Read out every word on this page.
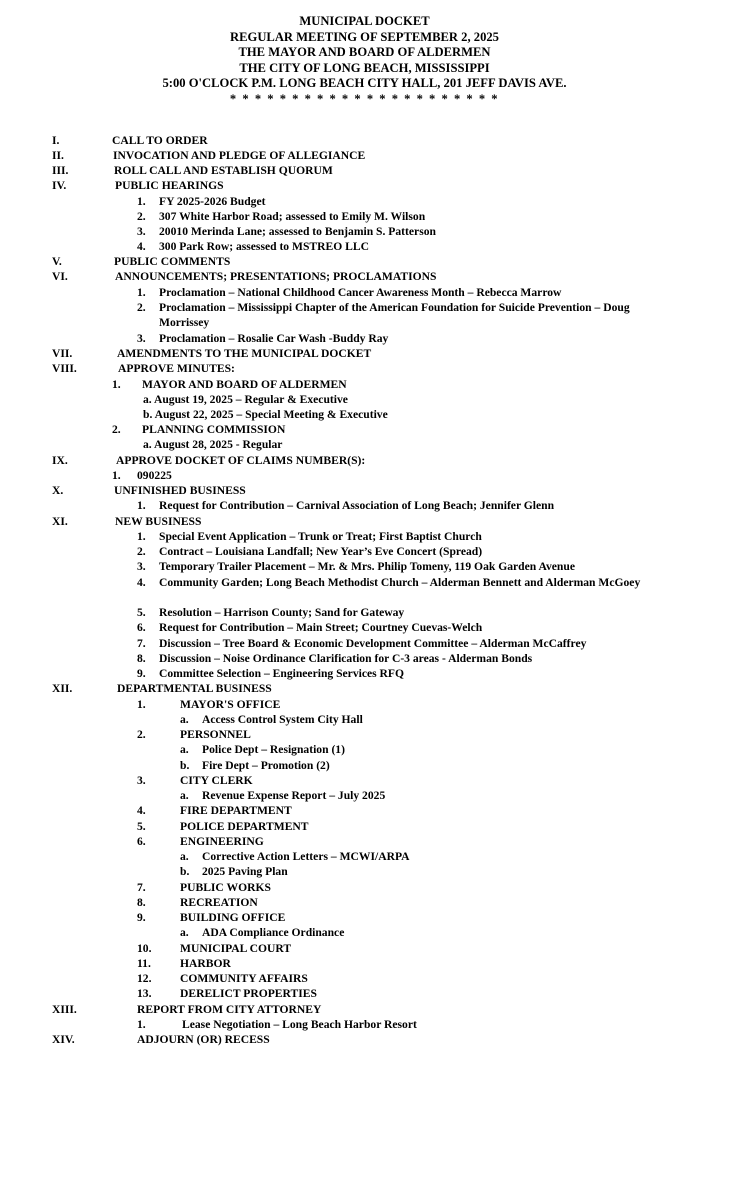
MUNICIPAL DOCKET
REGULAR MEETING OF SEPTEMBER 2, 2025
THE MAYOR AND BOARD OF ALDERMEN
THE CITY OF LONG BEACH, MISSISSIPPI
5:00 O'CLOCK P.M. LONG BEACH CITY HALL, 201 JEFF DAVIS AVE.
* * * * * * * * * * * * * * * * * * * * * *
I.	CALL TO ORDER
II.	INVOCATION AND PLEDGE OF ALLEGIANCE
III.	ROLL CALL AND ESTABLISH QUORUM
IV.	PUBLIC HEARINGS
1. FY 2025-2026 Budget
2. 307 White Harbor Road; assessed to Emily M. Wilson
3. 20010 Merinda Lane; assessed to Benjamin S. Patterson
4. 300 Park Row; assessed to MSTREO LLC
V.	PUBLIC COMMENTS
VI.	ANNOUNCEMENTS; PRESENTATIONS; PROCLAMATIONS
1. Proclamation – National Childhood Cancer Awareness Month – Rebecca Marrow
2. Proclamation – Mississippi Chapter of the American Foundation for Suicide Prevention – Doug Morrissey
3. Proclamation – Rosalie Car Wash -Buddy Ray
VII.	AMENDMENTS TO THE MUNICIPAL DOCKET
VIII.	APPROVE MINUTES:
1. MAYOR AND BOARD OF ALDERMEN
a. August 19, 2025 – Regular & Executive
b. August 22, 2025 – Special Meeting & Executive
2. PLANNING COMMISSION
a. August 28, 2025 - Regular
IX.	APPROVE DOCKET OF CLAIMS NUMBER(S):
1. 090225
X.	UNFINISHED BUSINESS
1. Request for Contribution – Carnival Association of Long Beach; Jennifer Glenn
XI.	NEW BUSINESS
1. Special Event Application – Trunk or Treat; First Baptist Church
2. Contract – Louisiana Landfall; New Year’s Eve Concert (Spread)
3. Temporary Trailer Placement – Mr. & Mrs. Philip Tomeny, 119 Oak Garden Avenue
4. Community Garden; Long Beach Methodist Church – Alderman Bennett and Alderman McGoey
5. Resolution – Harrison County; Sand for Gateway
6. Request for Contribution – Main Street; Courtney Cuevas-Welch
7. Discussion – Tree Board & Economic Development Committee – Alderman McCaffrey
8. Discussion – Noise Ordinance Clarification for C-3 areas - Alderman Bonds
9. Committee Selection – Engineering Services RFQ
XII.	DEPARTMENTAL BUSINESS
1.	MAYOR'S OFFICE
a. Access Control System City Hall
2.	PERSONNEL
a. Police Dept – Resignation (1)
b. Fire Dept – Promotion (2)
3.	CITY CLERK
a. Revenue Expense Report – July 2025
4.	FIRE DEPARTMENT
5.	POLICE DEPARTMENT
6.	ENGINEERING
a. Corrective Action Letters – MCWI/ARPA
b. 2025 Paving Plan
7.	PUBLIC WORKS
8.	RECREATION
9.	BUILDING OFFICE
a. ADA Compliance Ordinance
10. MUNICIPAL COURT
11.	HARBOR
12. COMMUNITY AFFAIRS
13. DERELICT PROPERTIES
XIII.	REPORT FROM CITY ATTORNEY
1.	Lease Negotiation – Long Beach Harbor Resort
XIV.	ADJOURN (OR) RECESS
